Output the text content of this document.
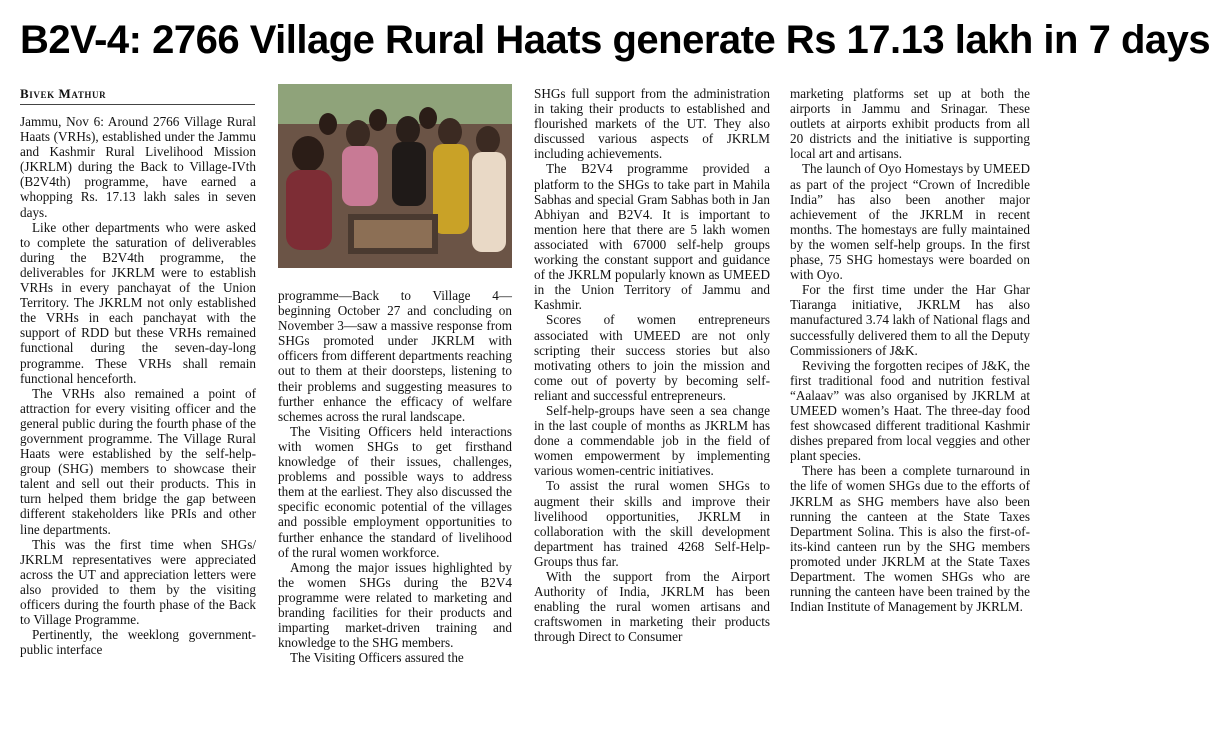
B2V-4: 2766 Village Rural Haats generate Rs 17.13 lakh in 7 days
Bivek Mathur

Jammu, Nov 6: Around 2766 Village Rural Haats (VRHs), established under the Jammu and Kashmir Rural Livelihood Mission (JKRLM) during the Back to Village-IVth (B2V4th) programme, have earned a whopping Rs. 17.13 lakh sales in seven days.

Like other departments who were asked to complete the saturation of deliverables during the B2V4th programme, the deliverables for JKRLM were to establish VRHs in every panchayat of the Union Territory. The JKRLM not only established the VRHs in each panchayat with the support of RDD but these VRHs remained functional during the seven-day-long programme. These VRHs shall remain functional henceforth.

The VRHs also remained a point of attraction for every visiting officer and the general public during the fourth phase of the government programme. The Village Rural Haats were established by the self-help-group (SHG) members to showcase their talent and sell out their products. This in turn helped them bridge the gap between different stakeholders like PRIs and other line departments.

This was the first time when SHGs/ JKRLM representatives were appreciated across the UT and appreciation letters were also provided to them by the visiting officers during the fourth phase of the Back to Village Programme.

Pertinently, the weeklong government-public interface

programme—Back to Village 4— beginning October 27 and concluding on November 3—saw a massive response from SHGs promoted under JKRLM with officers from different departments reaching out to them at their doorsteps, listening to their problems and suggesting measures to further enhance the efficacy of welfare schemes across the rural landscape.

The Visiting Officers held interactions with women SHGs to get firsthand knowledge of their issues, challenges, problems and possible ways to address them at the earliest. They also discussed the specific economic potential of the villages and possible employment opportunities to further enhance the standard of livelihood of the rural women workforce.

Among the major issues highlighted by the women SHGs during the B2V4 programme were related to marketing and branding facilities for their products and imparting market-driven training and knowledge to the SHG members.

The Visiting Officers assured the

SHGs full support from the administration in taking their products to established and flourished markets of the UT. They also discussed various aspects of JKRLM including achievements.

The B2V4 programme provided a platform to the SHGs to take part in Mahila Sabhas and special Gram Sabhas both in Jan Abhiyan and B2V4. It is important to mention here that there are 5 lakh women associated with 67000 self-help groups working the constant support and guidance of the JKRLM popularly known as UMEED in the Union Territory of Jammu and Kashmir.

Scores of women entrepreneurs associated with UMEED are not only scripting their success stories but also motivating others to join the mission and come out of poverty by becoming self-reliant and successful entrepreneurs.

Self-help-groups have seen a sea change in the last couple of months as JKRLM has done a commendable job in the field of women empowerment by implementing various women-centric initiatives.

To assist the rural women SHGs to augment their skills and improve their livelihood opportunities, JKRLM in collaboration with the skill development department has trained 4268 Self-Help-Groups thus far.

With the support from the Airport Authority of India, JKRLM has been enabling the rural women artisans and craftswomen in marketing their products through Direct to Consumer

marketing platforms set up at both the airports in Jammu and Srinagar. These outlets at airports exhibit products from all 20 districts and the initiative is supporting local art and artisans.

The launch of Oyo Homestays by UMEED as part of the project “Crown of Incredible India” has also been another major achievement of the JKRLM in recent months. The homestays are fully maintained by the women self-help groups. In the first phase, 75 SHG homestays were boarded on with Oyo.

For the first time under the Har Ghar Tiaranga initiative, JKRLM has also manufactured 3.74 lakh of National flags and successfully delivered them to all the Deputy Commissioners of J&K.

Reviving the forgotten recipes of J&K, the first traditional food and nutrition festival “Aalaav” was also organised by JKRLM at UMEED women’s Haat. The three-day food fest showcased different traditional Kashmir dishes prepared from local veggies and other plant species.

There has been a complete turnaround in the life of women SHGs due to the efforts of JKRLM as SHG members have also been running the canteen at the State Taxes Department Solina. This is also the first-of-its-kind canteen run by the SHG members promoted under JKRLM at the State Taxes Department. The women SHGs who are running the canteen have been trained by the Indian Institute of Management by JKRLM.
